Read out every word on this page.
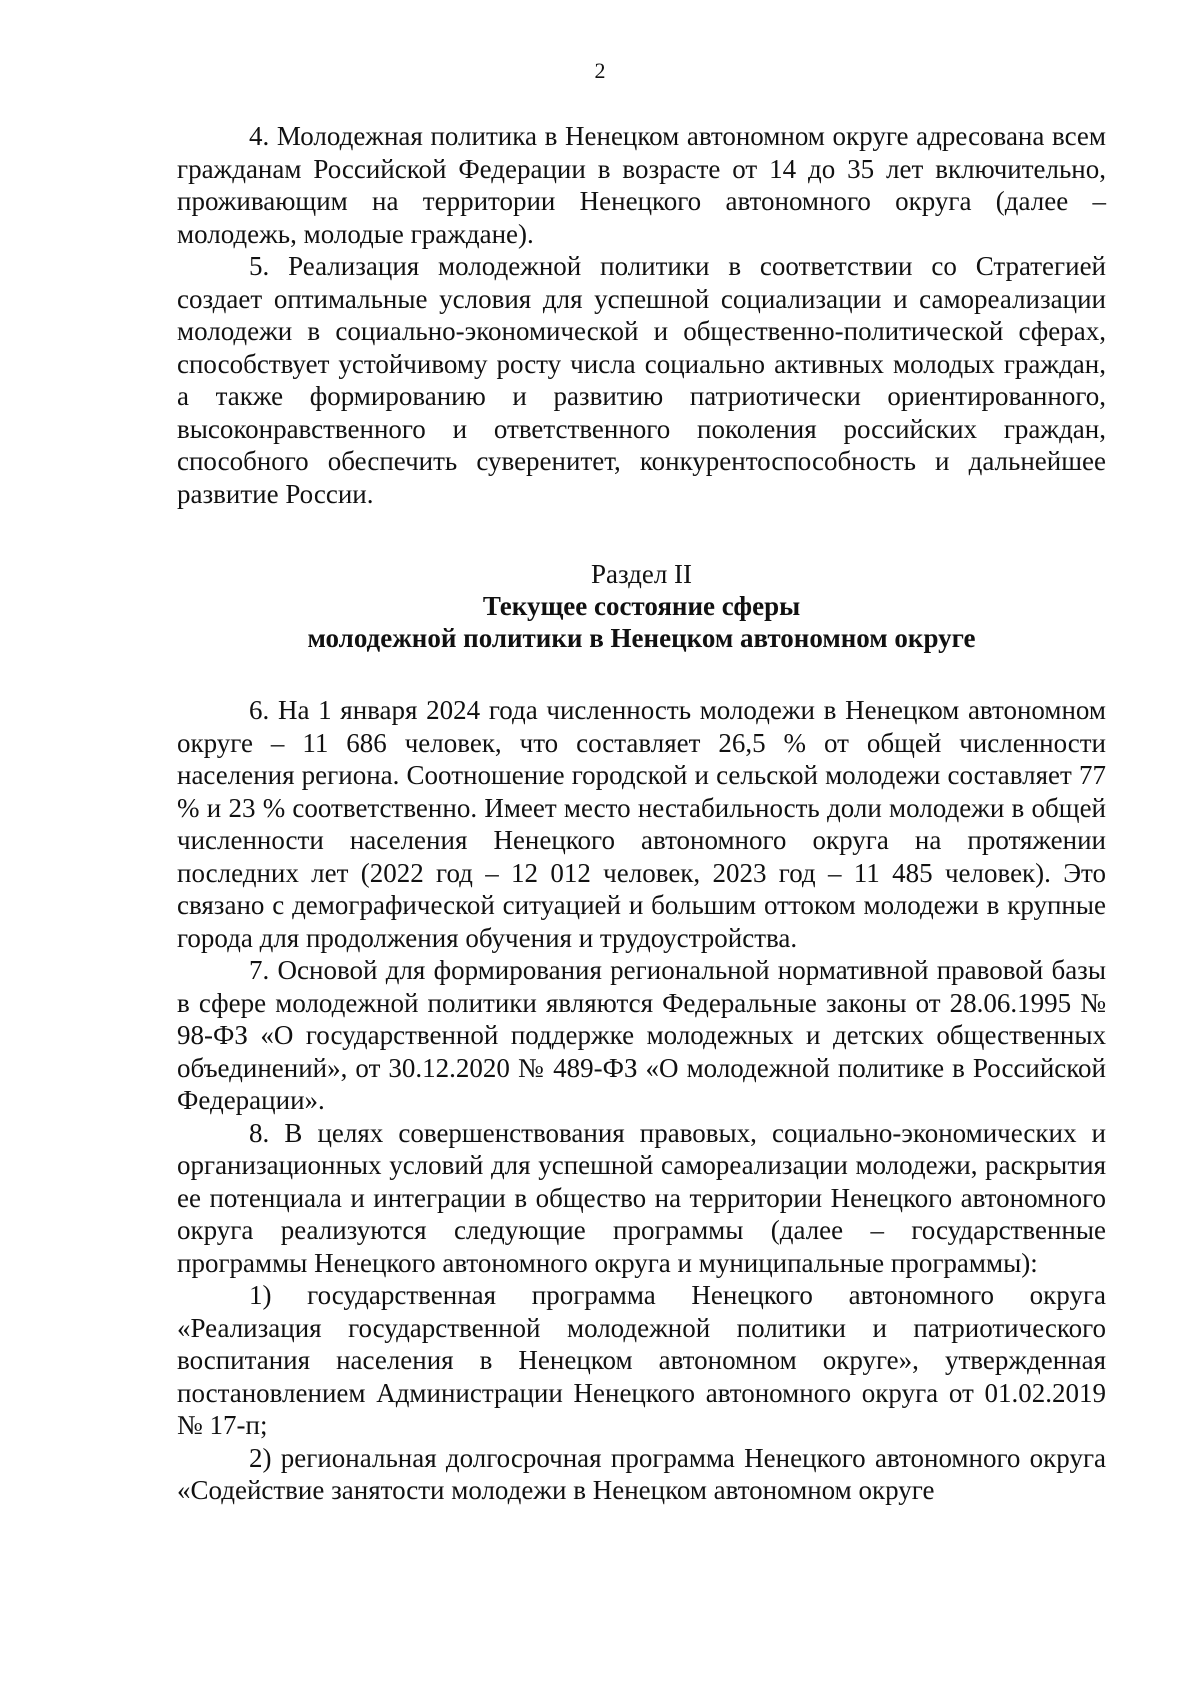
2

4. Молодежная политика в Ненецком автономном округе адресована всем гражданам Российской Федерации в возрасте от 14 до 35 лет включительно, проживающим на территории Ненецкого автономного округа (далее – молодежь, молодые граждане).

5. Реализация молодежной политики в соответствии со Стратегией создает оптимальные условия для успешной социализации и самореализации молодежи в социально-экономической и общественно-политической сферах, способствует устойчивому росту числа социально активных молодых граждан, а также формированию и развитию патриотически ориентированного, высоконравственного и ответственного поколения российских граждан, способного обеспечить суверенитет, конкурентоспособность и дальнейшее развитие России.

Раздел II
Текущее состояние сферы
молодежной политики в Ненецком автономном округе

6. На 1 января 2024 года численность молодежи в Ненецком автономном округе – 11 686 человек, что составляет 26,5 % от общей численности населения региона. Соотношение городской и сельской молодежи составляет 77 % и 23 % соответственно. Имеет место нестабильность доли молодежи в общей численности населения Ненецкого автономного округа на протяжении последних лет (2022 год – 12 012 человек, 2023 год – 11 485 человек). Это связано с демографической ситуацией и большим оттоком молодежи в крупные города для продолжения обучения и трудоустройства.

7. Основой для формирования региональной нормативной правовой базы в сфере молодежной политики являются Федеральные законы от 28.06.1995 № 98-ФЗ «О государственной поддержке молодежных и детских общественных объединений», от 30.12.2020 № 489-ФЗ «О молодежной политике в Российской Федерации».

8. В целях совершенствования правовых, социально-экономических и организационных условий для успешной самореализации молодежи, раскрытия ее потенциала и интеграции в общество на территории Ненецкого автономного округа реализуются следующие программы (далее – государственные программы Ненецкого автономного округа и муниципальные программы):

1) государственная программа Ненецкого автономного округа «Реализация государственной молодежной политики и патриотического воспитания населения в Ненецком автономном округе», утвержденная постановлением Администрации Ненецкого автономного округа от 01.02.2019 № 17-п;

2) региональная долгосрочная программа Ненецкого автономного округа «Содействие занятости молодежи в Ненецком автономном округе
